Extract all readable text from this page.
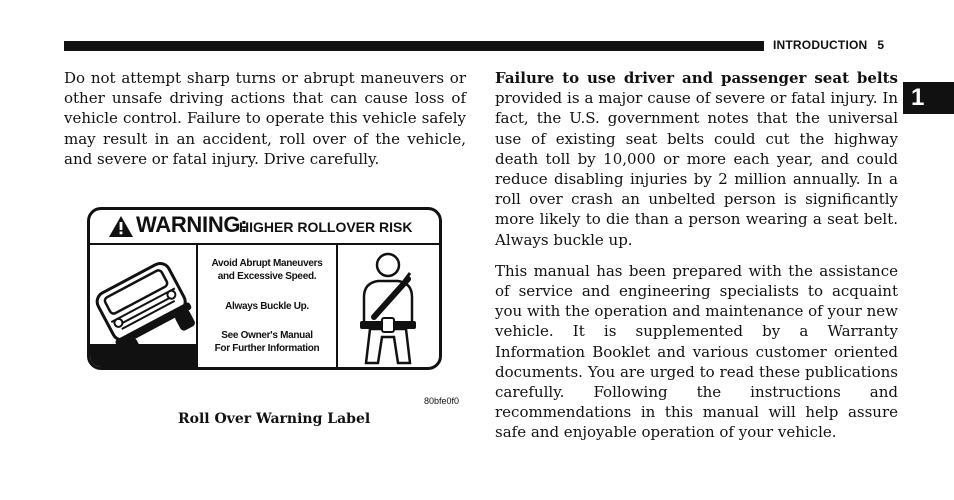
INTRODUCTION 5
1

Do not attempt sharp turns or abrupt maneuvers or other unsafe driving actions that can cause loss of vehicle control. Failure to operate this vehicle safely may result in an accident, roll over of the vehicle, and severe or fatal injury. Drive carefully.

WARNING:
HIGHER ROLLOVER RISK
Avoid Abrupt Maneuvers
and Excessive Speed.
Always Buckle Up.
See Owner's Manual
For Further Information
80bfe0f0
Roll Over Warning Label

Failure to use driver and passenger seat belts provided is a major cause of severe or fatal injury. In fact, the U.S. government notes that the universal use of existing seat belts could cut the highway death toll by 10,000 or more each year, and could reduce disabling injuries by 2 million annually. In a roll over crash an unbelted person is significantly more likely to die than a person wearing a seat belt. Always buckle up.

This manual has been prepared with the assistance of service and engineering specialists to acquaint you with the operation and maintenance of your new vehicle. It is supplemented by a Warranty Information Booklet and various customer oriented documents. You are urged to read these publications carefully. Following the instructions and recommendations in this manual will help assure safe and enjoyable operation of your vehicle.
